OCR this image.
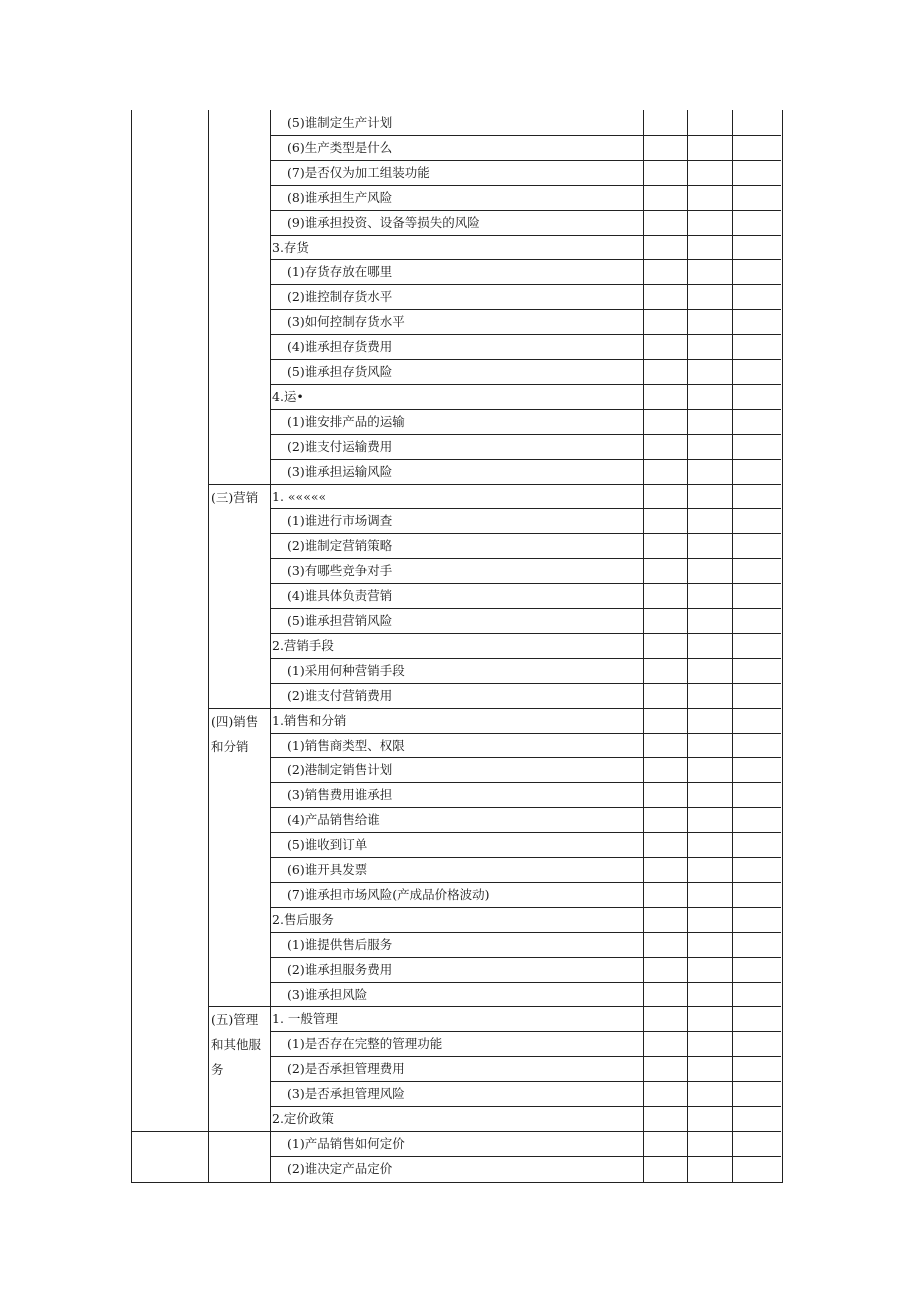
(5)谁制定生产计划
(6)生产类型是什么
(7)是否仅为加工组装功能
(8)谁承担生产风险
(9)谁承担投资、设备等损失的风险
3.存货
(1)存货存放在哪里
(2)谁控制存货水平
(3)如何控制存货水平
(4)谁承担存货费用
(5)谁承担存货风险
4.运•
(1)谁安排产品的运输
(2)谁支付运输费用
(3)谁承担运输风险
1. «««««
(1)谁进行市场调查
(2)谁制定营销策略
(3)有哪些竞争对手
(4)谁具体负责营销
(5)谁承担营销风险
2.营销手段
(1)采用何种营销手段
(2)谁支付营销费用
1.销售和分销
(1)销售商类型、权限
(2)港制定销售计划
(3)销售费用谁承担
(4)产品销售给谁
(5)谁收到订单
(6)谁开具发票
(7)谁承担市场风险(产成品价格波动)
2.售后服务
(1)谁提供售后服务
(2)谁承担服务费用
(3)谁承担风险
1. 一般管理
(1)是否存在完整的管理功能
(2)是否承担管理费用
(3)是否承担管理风险
2.定价政策
(1)产品销售如何定价
(2)谁决定产品定价
(三)营销
(四)销售和分销
(五)管理和其他服务
